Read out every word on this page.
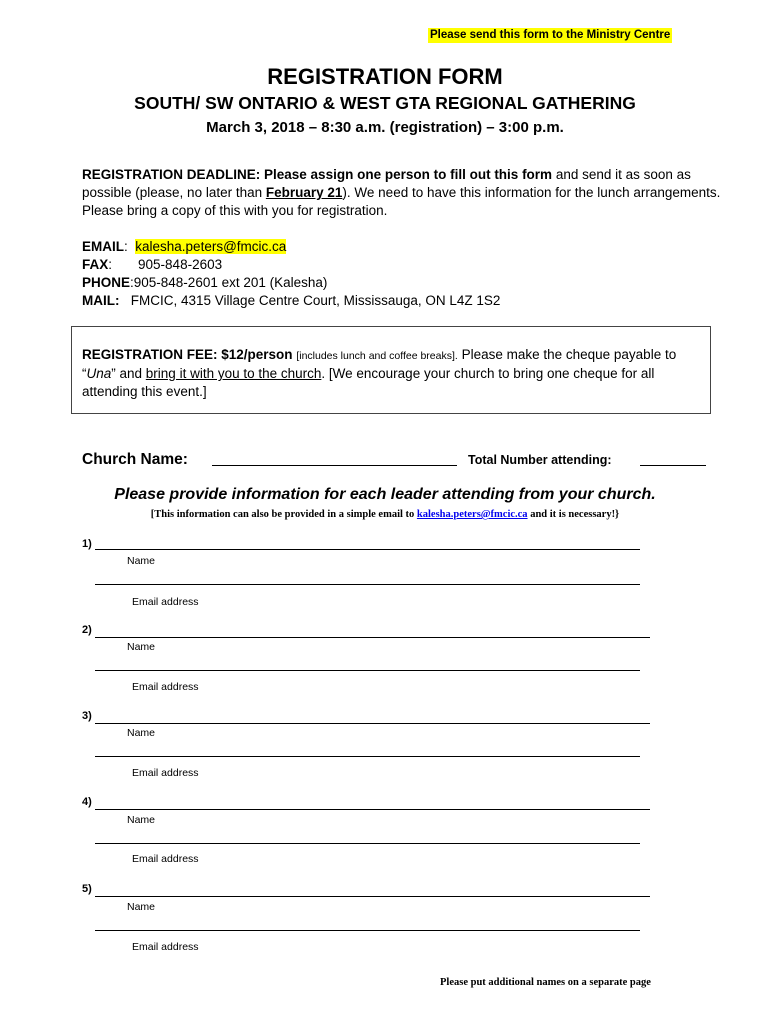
Please send this form to the Ministry Centre
REGISTRATION FORM
SOUTH/ SW ONTARIO & WEST GTA REGIONAL GATHERING
March 3, 2018 – 8:30 a.m. (registration) – 3:00 p.m.
REGISTRATION DEADLINE: Please assign one person to fill out this form and send it as soon as possible (please, no later than February 21). We need to have this information for the lunch arrangements. Please bring a copy of this with you for registration.
EMAIL:  kalesha.peters@fmcic.ca
FAX: 905-848-2603
PHONE:905-848-2601 ext 201 (Kalesha)
MAIL: FMCIC, 4315 Village Centre Court, Mississauga, ON L4Z 1S2
REGISTRATION FEE: $12/person [includes lunch and coffee breaks]. Please make the cheque payable to “Una” and bring it with you to the church. [We encourage your church to bring one cheque for all attending this event.]
Church Name:	Total Number attending:
Please provide information for each leader attending from your church.
[This information can also be provided in a simple email to kalesha.peters@fmcic.ca and it is necessary!}
1)
Name
Email address
2)
Name
Email address
3)
Name
Email address
4)
Name
Email address
5)
Name
Email address
Please put additional names on a separate page
